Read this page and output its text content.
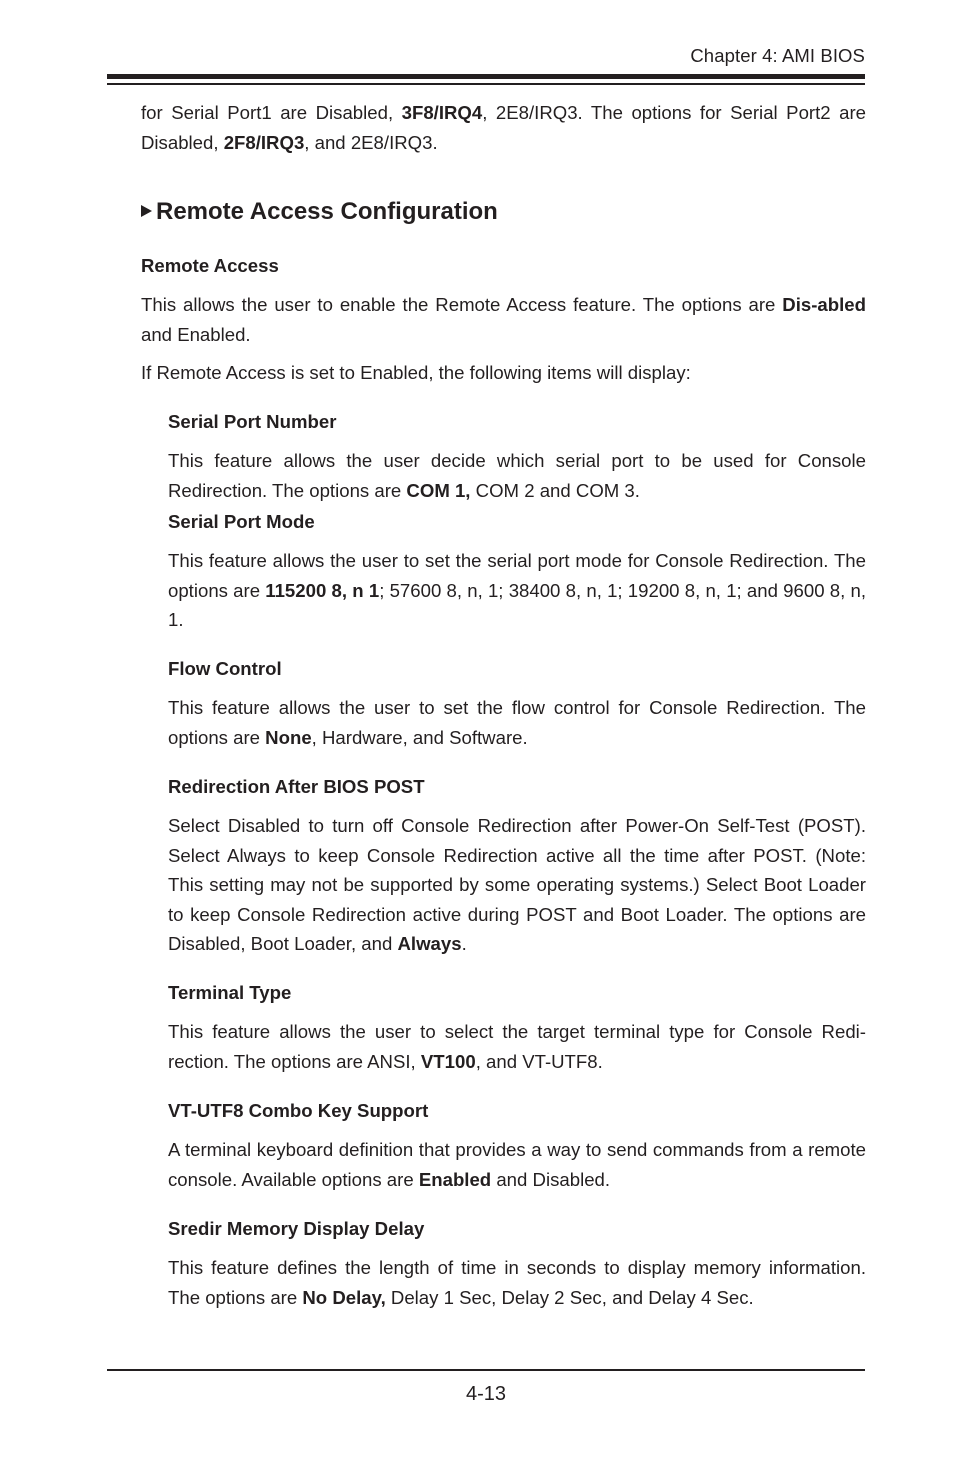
Chapter 4: AMI BIOS

for Serial Port1 are Disabled, 3F8/IRQ4, 2E8/IRQ3. The options for Serial Port2 are Disabled, 2F8/IRQ3, and 2E8/IRQ3.

Remote Access Configuration
Remote Access

This allows the user to enable the Remote Access feature. The options are Dis-abled and Enabled.

If Remote Access is set to Enabled, the following items will display:

Serial Port Number

This feature allows the user decide which serial port to be used for Console Redirection. The options are COM 1, COM 2 and COM 3.

Serial Port Mode

This feature allows the user to set the serial port mode for Console Redirection. The options are 115200 8, n 1; 57600 8, n, 1; 38400 8, n, 1; 19200 8, n, 1; and 9600 8, n, 1.

Flow Control

This feature allows the user to set the flow control for Console Redirection. The options are None, Hardware, and Software.

Redirection After BIOS POST

Select Disabled to turn off Console Redirection after Power-On Self-Test (POST). Select Always to keep Console Redirection active all the time after POST. (Note: This setting may not be supported by some operating systems.) Select Boot Loader to keep Console Redirection active during POST and Boot Loader. The options are Disabled, Boot Loader, and Always.

Terminal Type

This feature allows the user to select the target terminal type for Console Redi-rection. The options are ANSI, VT100, and VT-UTF8.

VT-UTF8 Combo Key Support

A terminal keyboard definition that provides a way to send commands from a remote console. Available options are Enabled and Disabled.

Sredir Memory Display Delay

This feature defines the length of time in seconds to display memory information. The options are No Delay, Delay 1 Sec, Delay 2 Sec, and Delay 4 Sec.

4-13
